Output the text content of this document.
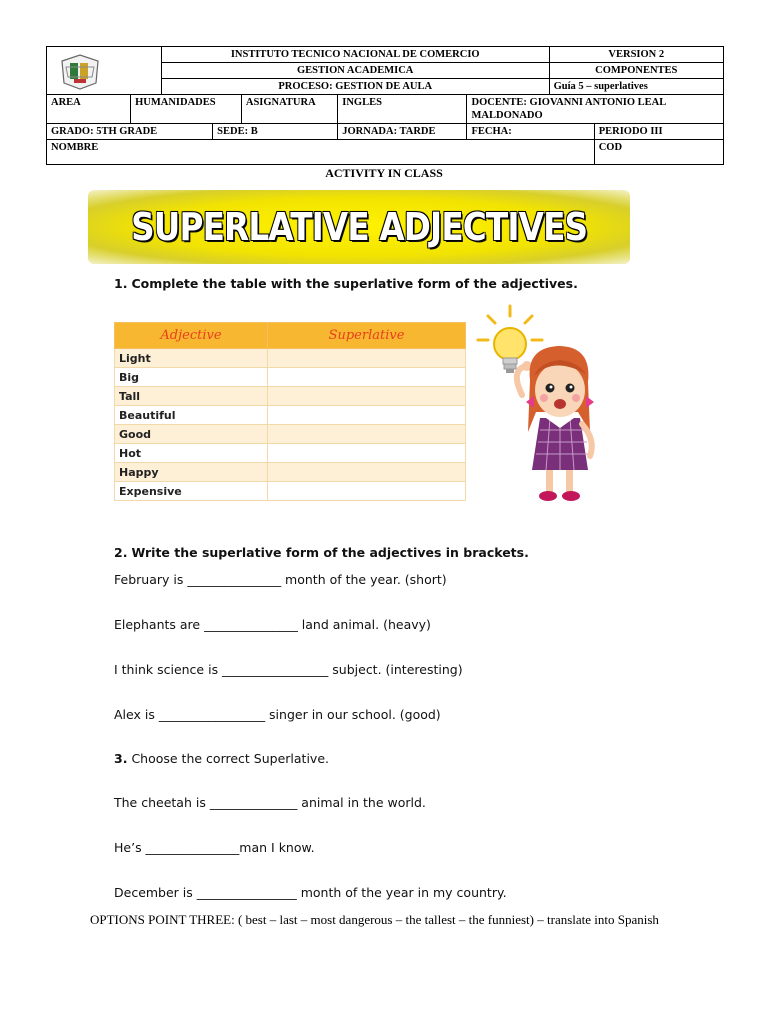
		INSTITUTO TECNICO NACIONAL DE COMERCIO					VERSION 2	
		GESTION ACADEMICA					COMPONENTES	
		PROCESO: GESTION DE AULA					Guía 5 – superlatives	
AREA	HUMANIDADES			ASIGNATURA	INGLES	DOCENTE: GIOVANNI ANTONIO LEAL MALDONADO		
GRADO: 5TH GRADE			SEDE: B		JORNADA: TARDE	FECHA:		PERIODO III
NOMBRE								COD
ACTIVITY IN CLASS
SUPERLATIVE ADJECTIVES
1. Complete the table with the superlative form of the adjectives.
Adjective	Superlative
Light	
Big	
Tall	
Beautiful	
Good	
Hot	
Happy	
Expensive	
2. Write the superlative form of the adjectives in brackets.
February is _______________ month of the year. (short)
Elephants are _______________ land animal. (heavy)
I think science is _________________ subject. (interesting)
Alex is _________________ singer in our school. (good)
3. Choose the correct Superlative.
The cheetah is ______________ animal in the world.
He’s _______________man I know.
December is ________________ month of the year in my country.
OPTIONS POINT THREE: ( best – last – most dangerous – the tallest – the funniest) – translate into Spanish
